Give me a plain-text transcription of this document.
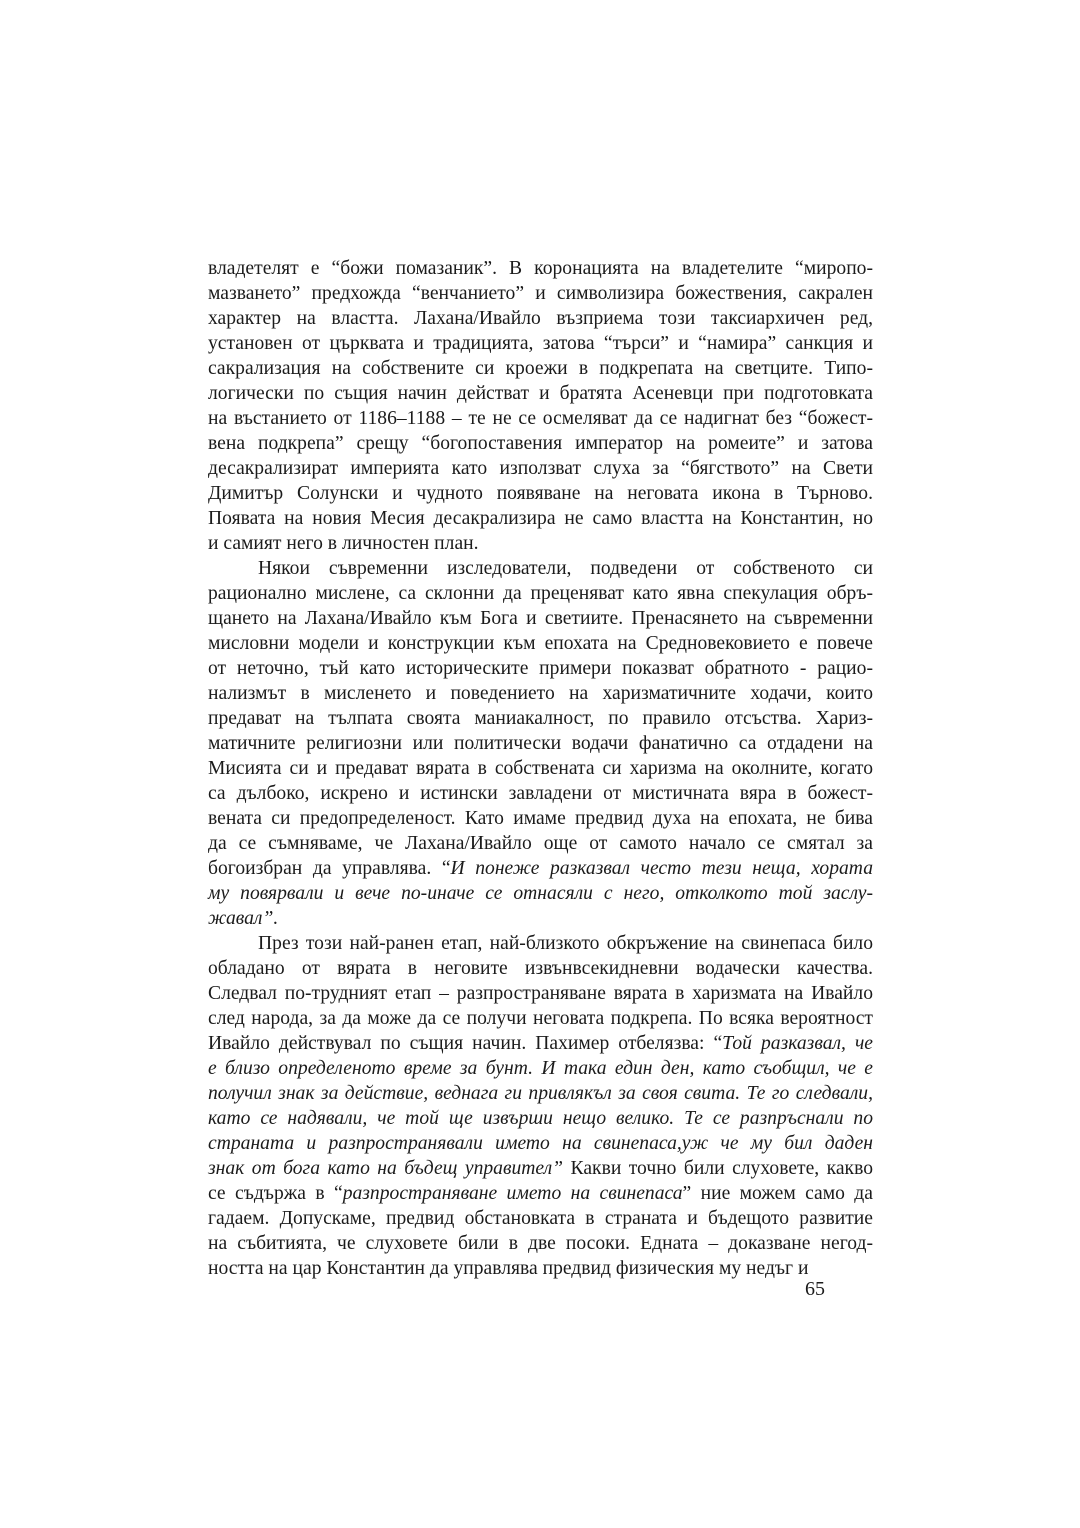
владетелят е “божи помазаник”. В коронацията на владетелите “миропо-
мазването” предхожда “венчанието” и символизира божествения, сакрален
характер на властта. Лахана/Ивайло възприема този таксиархичен ред,
установен от църквата и традицията, затова “търси” и “намира” санкция и
сакрализация на собствените си кроежи в подкрепата на светците. Типо-
логически по същия начин действат и братята Асеневци при подготовката
на въстанието от 1186–1188 – те не се осмеляват да се надигнат без “божест-
вена подкрепа” срещу “богопоставения император на ромеите” и затова
десакрализират империята като използват слуха за “бягството” на Свети
Димитър Солунски и чудното появяване на неговата икона в Търново.
Появата на новия Месия десакрализира не само властта на Константин, но
и самият него в личностен план.
Някои съвременни изследователи, подведени от собственото си
рационално мислене, са склонни да преценяват като явна спекулация обръ-
щането на Лахана/Ивайло към Бога и светиите. Пренасянето на съвременни
мисловни модели и конструкции към епохата на Средновековието е повече
от неточно, тъй като историческите примери показват обратното - рацио-
нализмът в мисленето и поведението на харизматичните ходачи, които
предават на тълпата своята маниакалност, по правило отсъства. Хариз-
матичните религиозни или политически водачи фанатично са отдадени на
Мисията си и предават вярата в собствената си харизма на околните, когато
са дълбоко, искрено и истински завладени от мистичната вяра в божест-
вената си предопределеност. Като имаме предвид духа на епохата, не бива
да се съмняваме, че Лахана/Ивайло още от самото начало се смятал за
богоизбран да управлява. “И понеже разказвал често тези неща, хората
му повярвали и вече по-иначе се отнасяли с него, отколкото той заслу-
жавал”.
През този най-ранен етап, най-близкото обкръжение на свинепаса било
обладано от вярата в неговите извънвсекидневни водачески качества.
Следвал по-трудният етап – разпространяване вярата в харизмата на Ивайло
след народа, за да може да се получи неговата подкрепа. По всяка вероятност
Ивайло действувал по същия начин. Пахимер отбелязва: “Той разказвал, че
е близо определеното време за бунт. И така един ден, като съобщил, че е
получил знак за действие, веднага ги привлякъл за своя свита. Те го следвали,
като се надявали, че той ще извърши нещо велико. Те се разпръснали по
страната и разпространявали името на свинепаса,уж че му бил даден
знак от бога като на бъдещ управител” Какви точно били слуховете, какво
се съдържа в “разпространяване името на свинепаса” ние можем само да
гадаем. Допускаме, предвид обстановката в страната и бъдещото развитие
на събитията, че слуховете били в две посоки. Едната – доказване негод-
ността на цар Константин да управлява предвид физическия му недъг и
65
